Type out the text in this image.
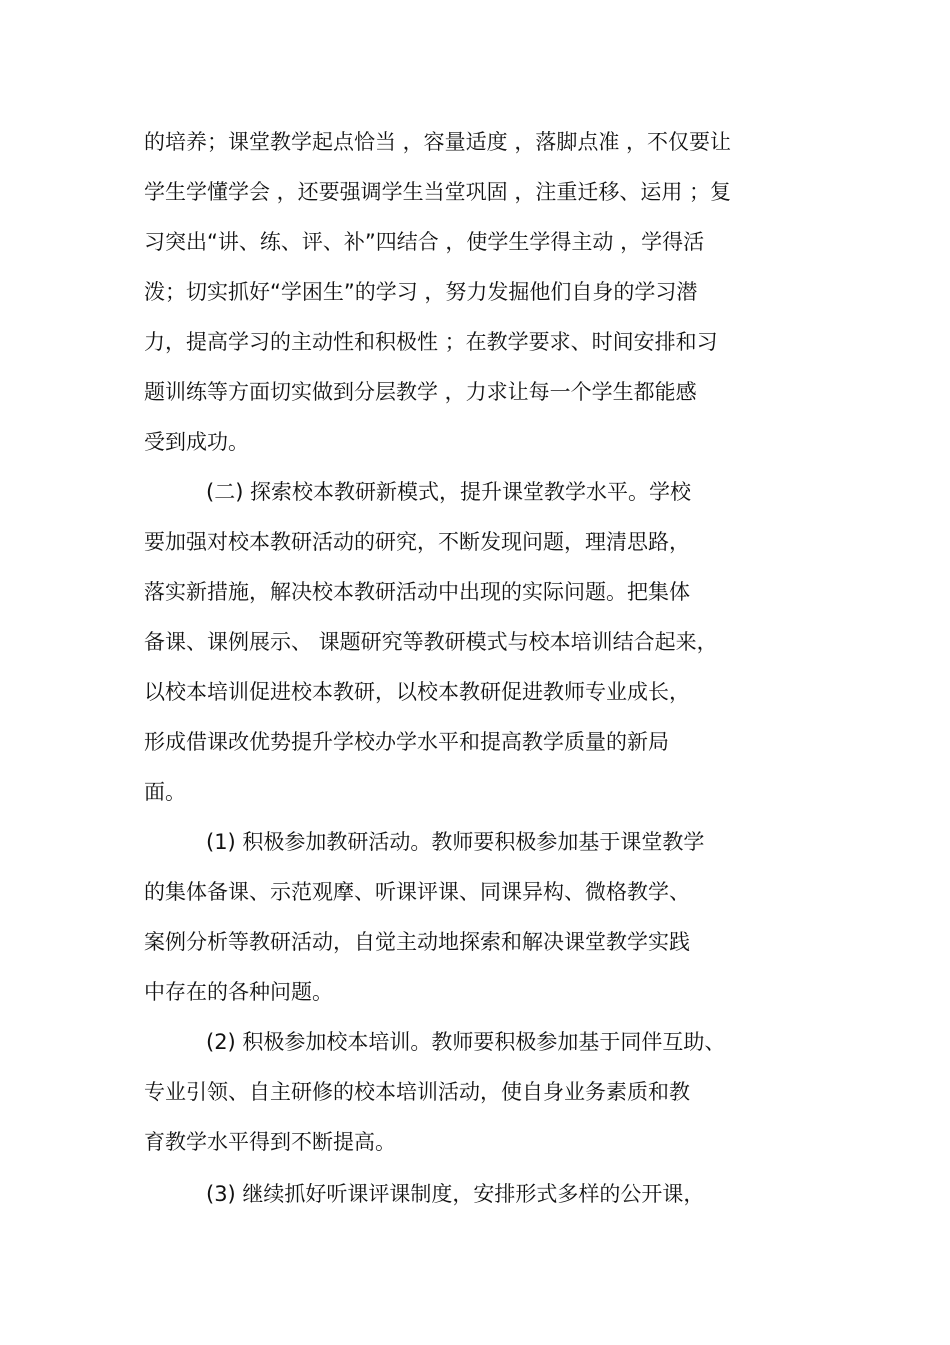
的培养；课堂教学起点恰当 ，容量适度 ，落脚点准 ，不仅要让
学生学懂学会 ，还要强调学生当堂巩固 ，注重迁移、运用 ；复
习突出“讲、练、评、补”四结合 ，使学生学得主动 ，学得活
泼；切实抓好“学困生”的学习 ，努力发掘他们自身的学习潜
力，提高学习的主动性和积极性 ；在教学要求、时间安排和习
题训练等方面切实做到分层教学 ，力求让每一个学生都能感
受到成功。
(二) 探索校本教研新模式，提升课堂教学水平。学校
要加强对校本教研活动的研究，不断发现问题，理清思路，
落实新措施，解决校本教研活动中出现的实际问题。把集体
备课、课例展示、 课题研究等教研模式与校本培训结合起来，
以校本培训促进校本教研，以校本教研促进教师专业成长，
形成借课改优势提升学校办学水平和提高教学质量的新局
面。
(1) 积极参加教研活动。教师要积极参加基于课堂教学
的集体备课、示范观摩、听课评课、同课异构、微格教学、
案例分析等教研活动，自觉主动地探索和解决课堂教学实践
中存在的各种问题。
(2) 积极参加校本培训。教师要积极参加基于同伴互助、
专业引领、自主研修的校本培训活动，使自身业务素质和教
育教学水平得到不断提高。
(3) 继续抓好听课评课制度，安排形式多样的公开课，
